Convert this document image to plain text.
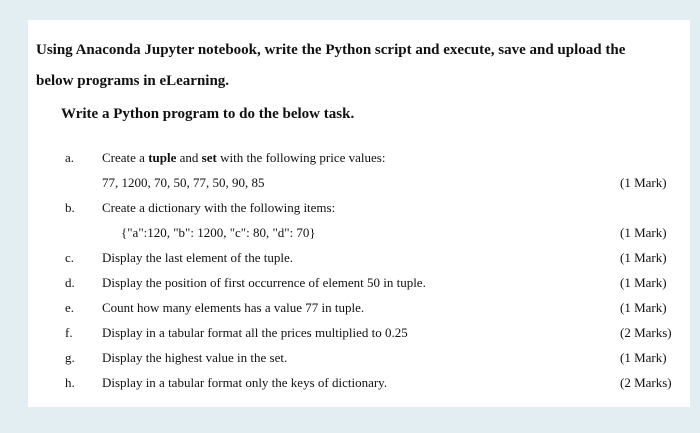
Using Anaconda Jupyter notebook, write the Python script and execute, save and upload the
below programs in eLearning.
Write a Python program to do the below task.
a. Create a tuple and set with the following price values:
77, 1200, 70, 50, 77, 50, 90, 85	(1 Mark)
b. Create a dictionary with the following items:
{"a":120, "b": 1200, "c": 80, "d": 70}	(1 Mark)
c. Display the last element of the tuple.	(1 Mark)
d. Display the position of first occurrence of element 50 in tuple.	(1 Mark)
e. Count how many elements has a value 77 in tuple.	(1 Mark)
f. Display in a tabular format all the prices multiplied to 0.25	(2 Marks)
g. Display the highest value in the set.	(1 Mark)
h. Display in a tabular format only the keys of dictionary.	(2 Marks)
